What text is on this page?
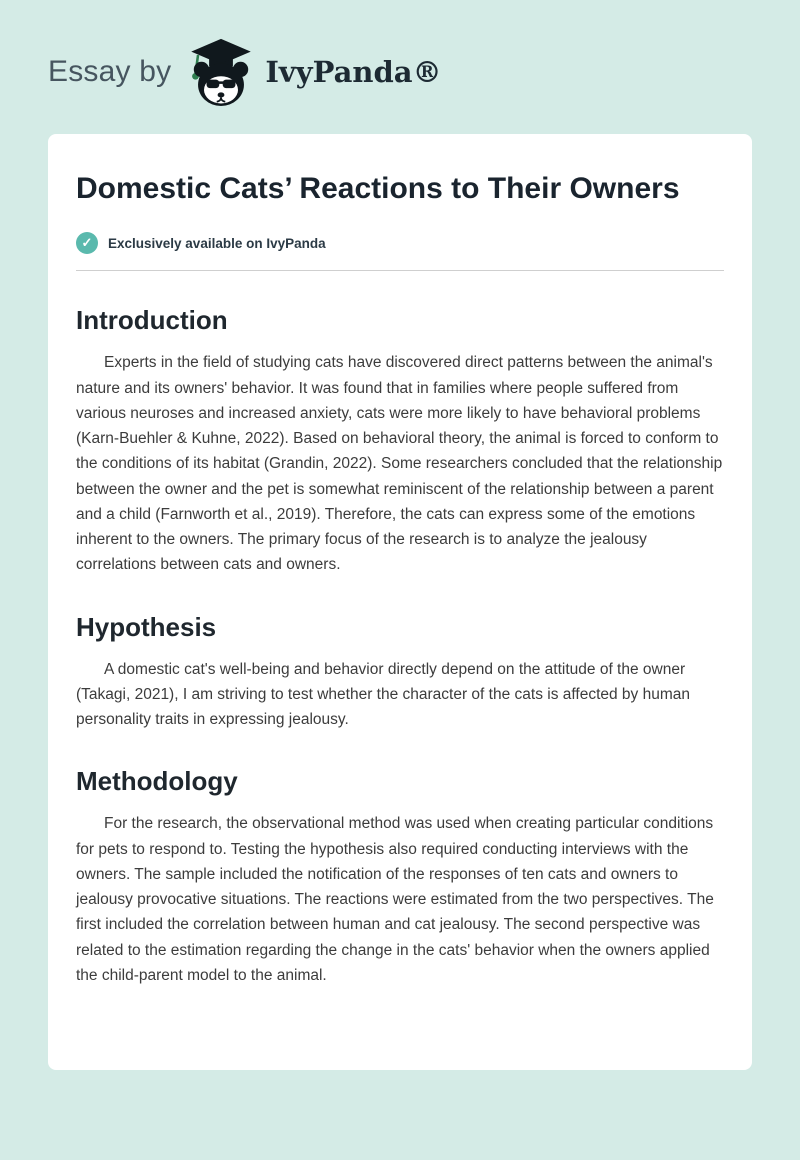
Essay by	IvyPanda®
Domestic Cats’ Reactions to Their Owners
✓	Exclusively available on IvyPanda
Introduction

Experts in the field of studying cats have discovered direct patterns between the animal's nature and its owners' behavior. It was found that in families where people suffered from various neuroses and increased anxiety, cats were more likely to have behavioral problems (Karn-Buehler & Kuhne, 2022). Based on behavioral theory, the animal is forced to conform to the conditions of its habitat (Grandin, 2022). Some researchers concluded that the relationship between the owner and the pet is somewhat reminiscent of the relationship between a parent and a child (Farnworth et al., 2019). Therefore, the cats can express some of the emotions inherent to the owners. The primary focus of the research is to analyze the jealousy correlations between cats and owners.

Hypothesis

A domestic cat's well-being and behavior directly depend on the attitude of the owner (Takagi, 2021), I am striving to test whether the character of the cats is affected by human personality traits in expressing jealousy.

Methodology

For the research, the observational method was used when creating particular conditions for pets to respond to. Testing the hypothesis also required conducting interviews with the owners. The sample included the notification of the responses of ten cats and owners to jealousy provocative situations. The reactions were estimated from the two perspectives. The first included the correlation between human and cat jealousy. The second perspective was related to the estimation regarding the change in the cats' behavior when the owners applied the child-parent model to the animal.
